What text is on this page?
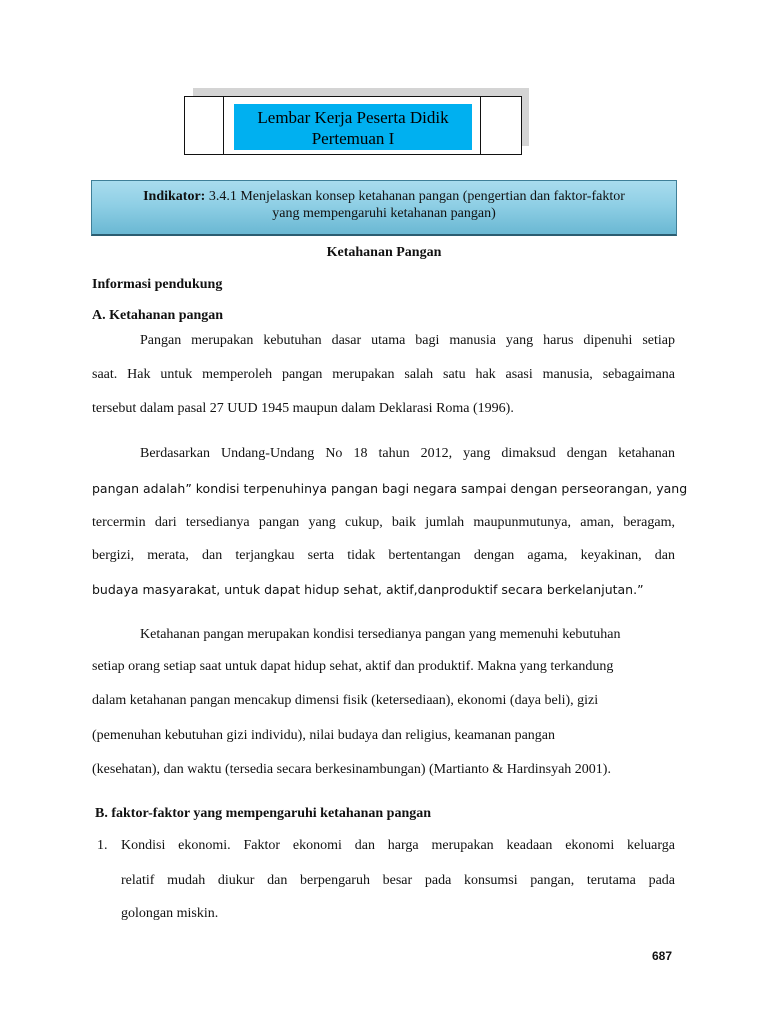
Lembar Kerja Peserta Didik
Pertemuan I
Indikator: 3.4.1 Menjelaskan konsep ketahanan pangan (pengertian dan faktor-faktor
yang mempengaruhi ketahanan pangan)
Ketahanan Pangan
Informasi pendukung
A. Ketahanan pangan
Pangan merupakan kebutuhan dasar utama bagi manusia yang harus dipenuhi setiap
saat. Hak untuk memperoleh pangan merupakan salah satu hak asasi manusia, sebagaimana
tersebut dalam pasal 27 UUD 1945 maupun dalam Deklarasi Roma (1996).
Berdasarkan Undang-Undang No 18 tahun 2012, yang dimaksud dengan ketahanan
pangan adalah” kondisi terpenuhinya pangan bagi negara sampai dengan perseorangan, yang
tercermin dari tersedianya pangan yang cukup, baik jumlah maupunmutunya, aman, beragam,
bergizi, merata, dan terjangkau serta tidak bertentangan dengan agama, keyakinan, dan
budaya masyarakat, untuk dapat hidup sehat, aktif,danproduktif secara berkelanjutan.”
Ketahanan pangan merupakan kondisi tersedianya pangan yang memenuhi kebutuhan
setiap orang setiap saat untuk dapat hidup sehat, aktif dan produktif. Makna yang terkandung
dalam ketahanan pangan mencakup dimensi fisik (ketersediaan), ekonomi (daya beli), gizi
(pemenuhan kebutuhan gizi individu), nilai budaya dan religius, keamanan pangan
(kesehatan), dan waktu (tersedia secara berkesinambungan) (Martianto & Hardinsyah 2001).
B. faktor-faktor yang mempengaruhi ketahanan pangan
1. Kondisi ekonomi. Faktor ekonomi dan harga merupakan keadaan ekonomi keluarga
relatif mudah diukur dan berpengaruh besar pada konsumsi pangan, terutama pada
golongan miskin.
687
